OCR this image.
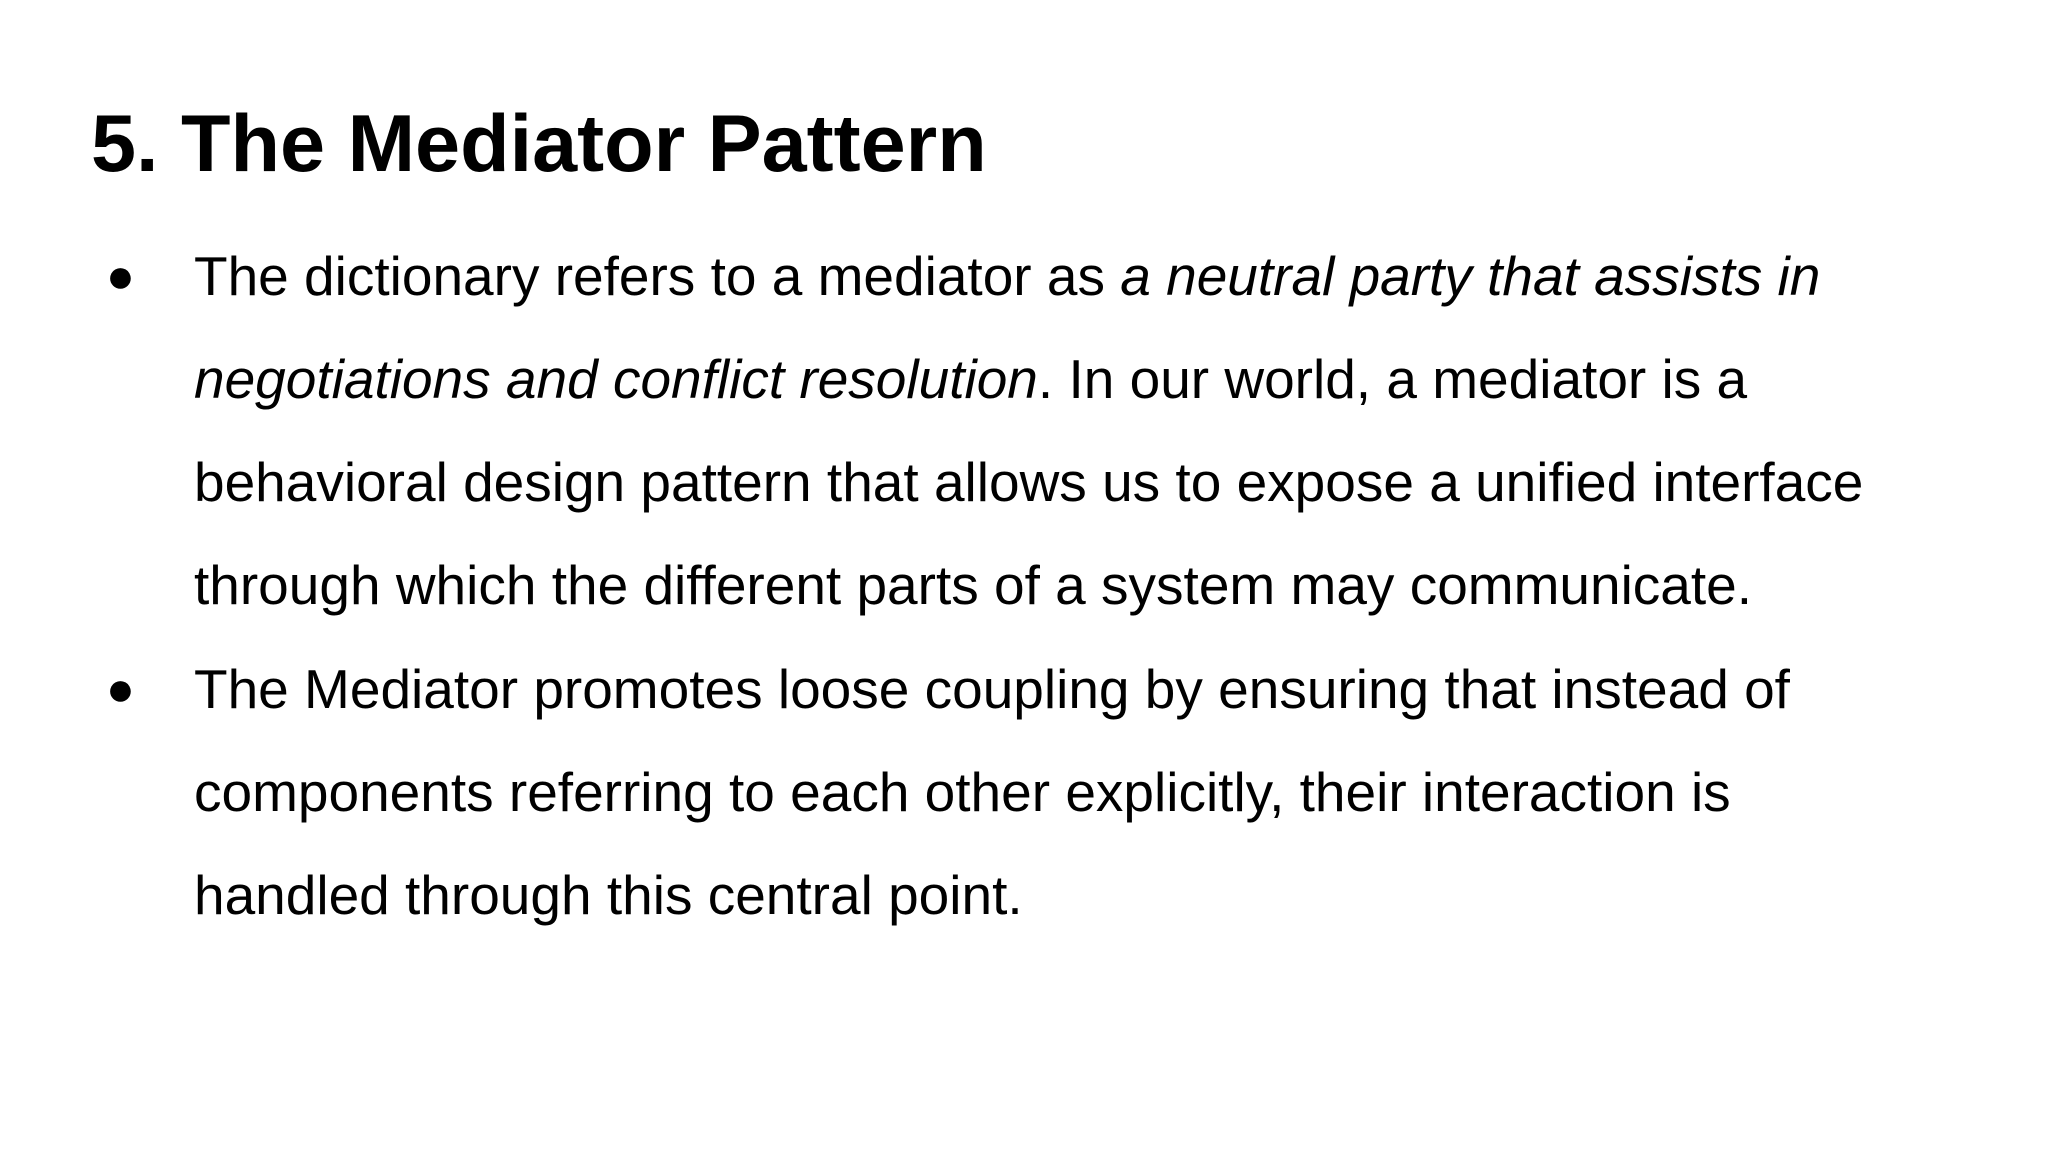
5. The Mediator Pattern
●	The dictionary refers to a mediator as a neutral party that assists in
negotiations and conflict resolution. In our world, a mediator is a
behavioral design pattern that allows us to expose a unified interface
through which the different parts of a system may communicate.
●	The Mediator promotes loose coupling by ensuring that instead of
components referring to each other explicitly, their interaction is
handled through this central point.
